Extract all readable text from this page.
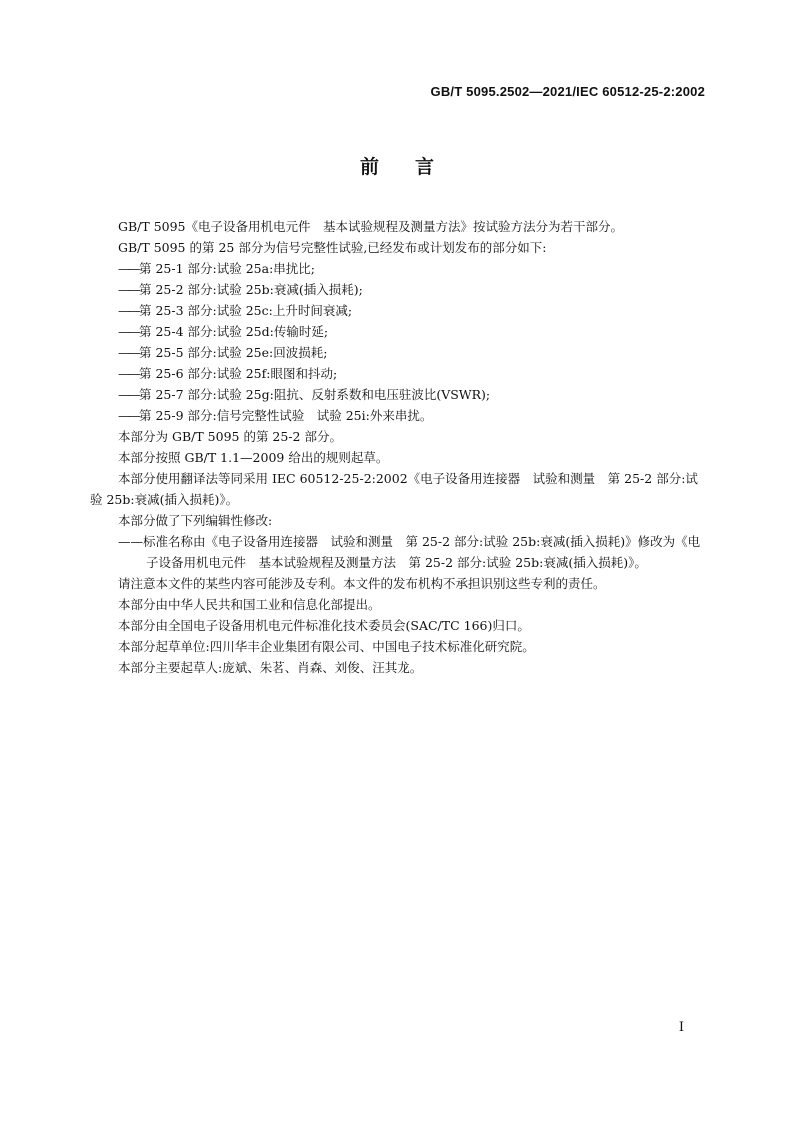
GB/T 5095.2502—2021/IEC 60512-25-2:2002
前言

GB/T 5095《电子设备用机电元件　基本试验规程及测量方法》按试验方法分为若干部分。

GB/T 5095 的第 25 部分为信号完整性试验,已经发布或计划发布的部分如下:

——第 25-1 部分:试验 25a:串扰比;

——第 25-2 部分:试验 25b:衰减(插入损耗);

——第 25-3 部分:试验 25c:上升时间衰减;

——第 25-4 部分:试验 25d:传输时延;

——第 25-5 部分:试验 25e:回波损耗;

——第 25-6 部分:试验 25f:眼图和抖动;

——第 25-7 部分:试验 25g:阻抗、反射系数和电压驻波比(VSWR);

——第 25-9 部分:信号完整性试验　试验 25i:外来串扰。

本部分为 GB/T 5095 的第 25-2 部分。

本部分按照 GB/T 1.1—2009 给出的规则起草。

本部分使用翻译法等同采用 IEC 60512-25-2:2002《电子设备用连接器　试验和测量　第 25-2 部分:试验 25b:衰减(插入损耗)》。

本部分做了下列编辑性修改:

——标准名称由《电子设备用连接器　试验和测量　第 25-2 部分:试验 25b:衰减(插入损耗)》修改为《电子设备用机电元件　基本试验规程及测量方法　第 25-2 部分:试验 25b:衰减(插入损耗)》。

请注意本文件的某些内容可能涉及专利。本文件的发布机构不承担识别这些专利的责任。

本部分由中华人民共和国工业和信息化部提出。

本部分由全国电子设备用机电元件标准化技术委员会(SAC/TC 166)归口。

本部分起草单位:四川华丰企业集团有限公司、中国电子技术标准化研究院。

本部分主要起草人:庞斌、朱茗、肖森、刘俊、汪其龙。

I
